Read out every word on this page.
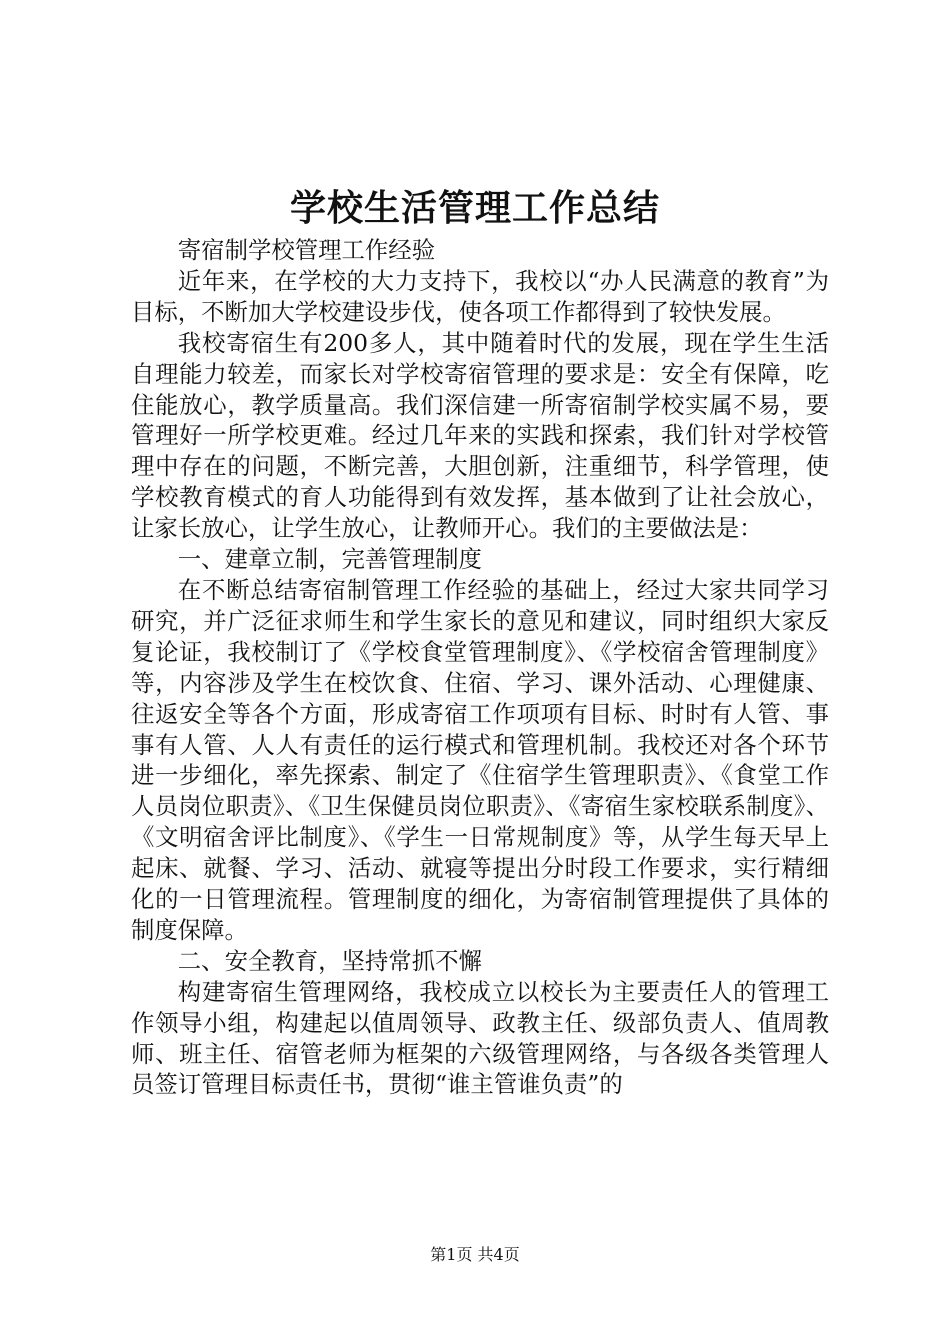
学校生活管理工作总结

寄宿制学校管理工作经验

近年来，在学校的大力支持下，我校以“办人民满意的教育”为目标，不断加大学校建设步伐，使各项工作都得到了较快发展。

我校寄宿生有200多人，其中随着时代的发展，现在学生生活自理能力较差，而家长对学校寄宿管理的要求是：安全有保障，吃住能放心，教学质量高。我们深信建一所寄宿制学校实属不易，要管理好一所学校更难。经过几年来的实践和探索，我们针对学校管理中存在的问题，不断完善，大胆创新，注重细节，科学管理，使学校教育模式的育人功能得到有效发挥，基本做到了让社会放心，让家长放心，让学生放心，让教师开心。我们的主要做法是：

一、建章立制，完善管理制度

在不断总结寄宿制管理工作经验的基础上，经过大家共同学习研究，并广泛征求师生和学生家长的意见和建议，同时组织大家反复论证，我校制订了《学校食堂管理制度》、《学校宿舍管理制度》等，内容涉及学生在校饮食、住宿、学习、课外活动、心理健康、往返安全等各个方面，形成寄宿工作项项有目标、时时有人管、事事有人管、人人有责任的运行模式和管理机制。我校还对各个环节进一步细化，率先探索、制定了《住宿学生管理职责》、《食堂工作人员岗位职责》、《卫生保健员岗位职责》、《寄宿生家校联系制度》、《文明宿舍评比制度》、《学生一日常规制度》等，从学生每天早上起床、就餐、学习、活动、就寝等提出分时段工作要求，实行精细化的一日管理流程。管理制度的细化，为寄宿制管理提供了具体的制度保障。

二、安全教育，坚持常抓不懈

构建寄宿生管理网络，我校成立以校长为主要责任人的管理工作领导小组，构建起以值周领导、政教主任、级部负责人、值周教师、班主任、宿管老师为框架的六级管理网络，与各级各类管理人员签订管理目标责任书，贯彻“谁主管谁负责”的

第1页 共4页
